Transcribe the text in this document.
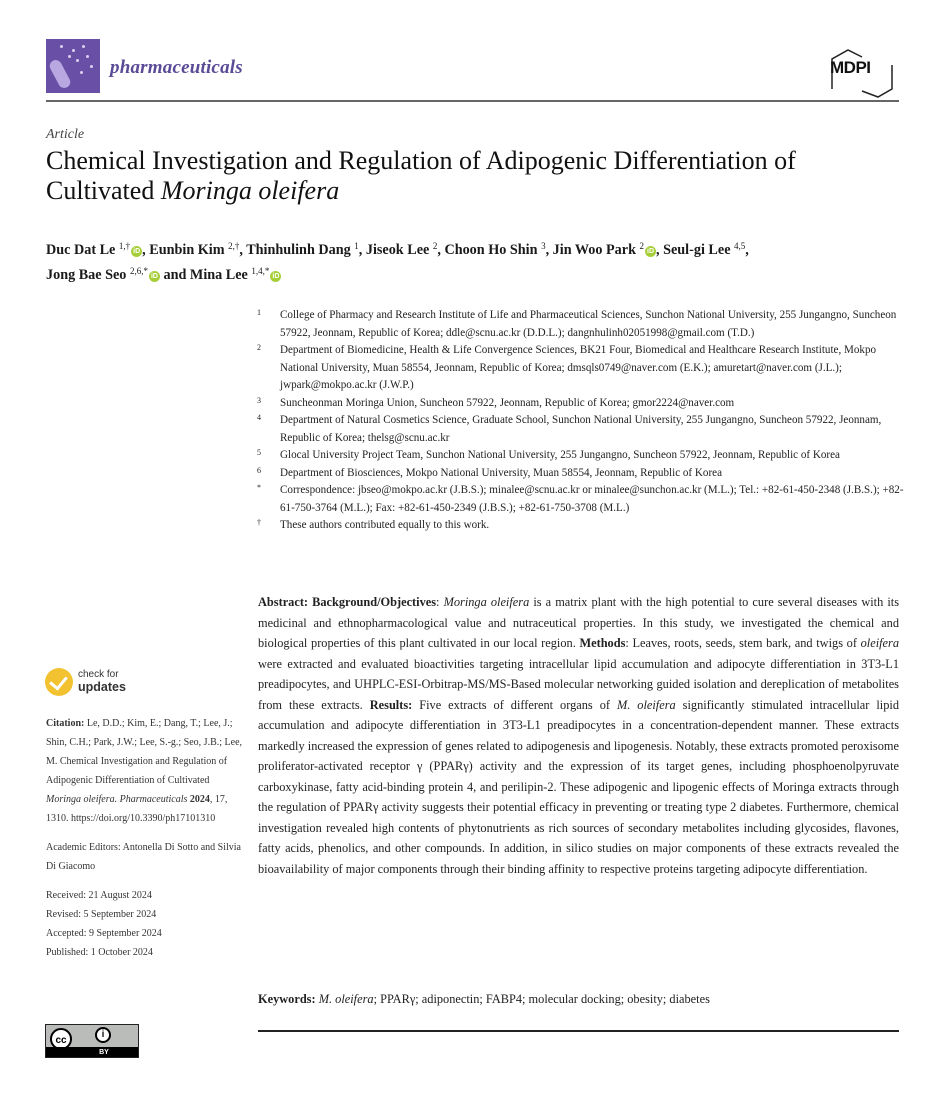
pharmaceuticals	MDPI
Article
Chemical Investigation and Regulation of Adipogenic Differentiation of Cultivated Moringa oleifera
Duc Dat Le $^{1,\dagger}$iD , Eunbin Kim $^{2,\dagger}$, Thinhulinh Dang $^1$, Jiseok Lee $^2$, Choon Ho Shin $^3$, Jin Woo Park $^2$iD , Seul-gi Lee $^{4,5}$,
Jong Bae Seo $^{2,6,*}$iD and Mina Lee $^{1,4,*}$iD
1 College of Pharmacy and Research Institute of Life and Pharmaceutical Sciences, Sunchon National University, 255 Jungangno, Suncheon 57922, Jeonnam, Republic of Korea; ddle@scnu.ac.kr (D.D.L.); dangnhulinh02051998@gmail.com (T.D.)
2 Department of Biomedicine, Health & Life Convergence Sciences, BK21 Four, Biomedical and Healthcare Research Institute, Mokpo National University, Muan 58554, Jeonnam, Republic of Korea; dmsqls0749@naver.com (E.K.); amuretart@naver.com (J.L.); jwpark@mokpo.ac.kr (J.W.P.)
3 Suncheonman Moringa Union, Suncheon 57922, Jeonnam, Republic of Korea; gmor2224@naver.com
4 Department of Natural Cosmetics Science, Graduate School, Sunchon National University, 255 Jungangno, Suncheon 57922, Jeonnam, Republic of Korea; thelsg@scnu.ac.kr
5 Glocal University Project Team, Sunchon National University, 255 Jungangno, Suncheon 57922, Jeonnam, Republic of Korea
6 Department of Biosciences, Mokpo National University, Muan 58554, Jeonnam, Republic of Korea
* Correspondence: jbseo@mokpo.ac.kr (J.B.S.); minalee@scnu.ac.kr or minalee@sunchon.ac.kr (M.L.); Tel.: +82-61-450-2348 (J.B.S.); +82-61-750-3764 (M.L.); Fax: +82-61-450-2349 (J.B.S.); +82-61-750-3708 (M.L.)
† These authors contributed equally to this work.
check for
updates

Citation: Le, D.D.; Kim, E.; Dang, T.; Lee, J.; Shin, C.H.; Park, J.W.; Lee, S.-g.; Seo, J.B.; Lee, M. Chemical Investigation and Regulation of Adipogenic Differentiation of Cultivated Moringa oleifera. Pharmaceuticals 2024, 17, 1310. https://doi.org/10.3390/ph17101310

Academic Editors: Antonella Di Sotto and Silvia Di Giacomo

Received: 21 August 2024

Revised: 5 September 2024

Accepted: 9 September 2024

Published: 1 October 2024

cc
i
BY
Abstract: Background/Objectives: Moringa oleifera is a matrix plant with the high potential to cure several diseases with its medicinal and ethnopharmacological value and nutraceutical properties. In this study, we investigated the chemical and biological properties of this plant cultivated in our local region. Methods: Leaves, roots, seeds, stem bark, and twigs of oleifera were extracted and evaluated bioactivities targeting intracellular lipid accumulation and adipocyte differentiation in 3T3-L1 preadipocytes, and UHPLC-ESI-Orbitrap-MS/MS-Based molecular networking guided isolation and dereplication of metabolites from these extracts. Results: Five extracts of different organs of M. oleifera significantly stimulated intracellular lipid accumulation and adipocyte differentiation in 3T3-L1 preadipocytes in a concentration-dependent manner. These extracts markedly increased the expression of genes related to adipogenesis and lipogenesis. Notably, these extracts promoted peroxisome proliferator-activated receptor γ (PPARγ) activity and the expression of its target genes, including phosphoenolpyruvate carboxykinase, fatty acid-binding protein 4, and perilipin-2. These adipogenic and lipogenic effects of Moringa extracts through the regulation of PPARγ activity suggests their potential efficacy in preventing or treating type 2 diabetes. Furthermore, chemical investigation revealed high contents of phytonutrients as rich sources of secondary metabolites including glycosides, flavones, fatty acids, phenolics, and other compounds. In addition, in silico studies on major components of these extracts revealed the bioavailability of major components through their binding affinity to respective proteins targeting adipocyte differentiation.
Keywords: M. oleifera; PPARγ; adiponectin; FABP4; molecular docking; obesity; diabetes
